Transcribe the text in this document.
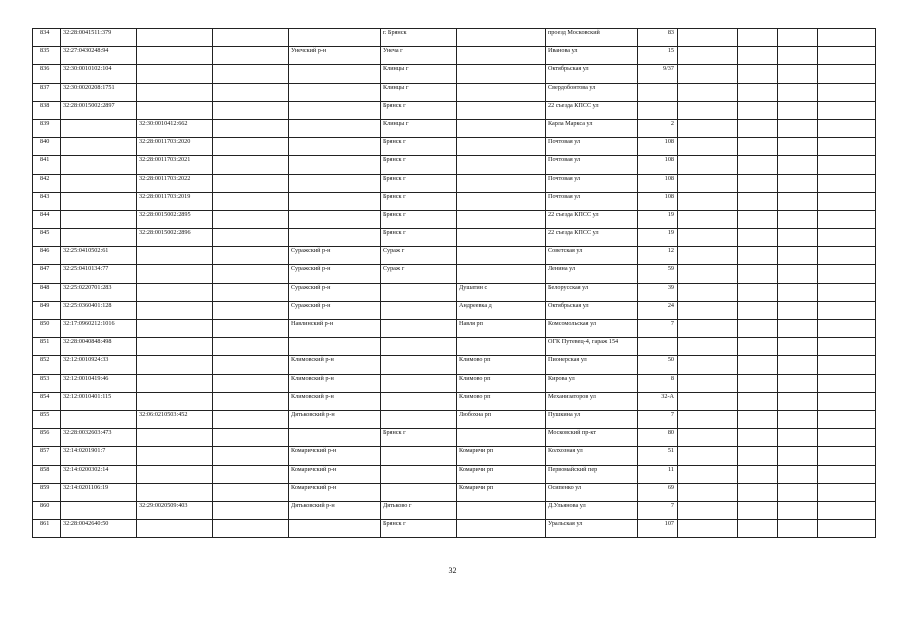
834	32:28:0041511:379				г. Брянск		проезд Московский	83				
835	32:27:0430248:94			Унечский р-н	Унеча г		Иванова ул	15				
836	32:30:0010102:104				Клинцы г		Октябрьская ул	9/37				
837	32:30:0020208:1751				Клинцы г		Свердобонтова ул					
838	32:28:0015002:2897				Брянск г		22 съезда КПСС ул					
839		32:30:0010412:662			Клинцы г		Карла Маркса ул	2				
840		32:28:0011703:2020			Брянск г		Почтовая ул	108				
841		32:28:0011703:2021			Брянск г		Почтовая ул	108				
842		32:28:0011703:2022			Брянск г		Почтовая ул	108				
843		32:28:0011703:2019			Брянск г		Почтовая ул	108				
844		32:28:0015002:2895			Брянск г		22 съезда КПСС ул	19				
845		32:28:0015002:2896			Брянск г		22 съезда КПСС ул	19				
846	32:25:0410502:61			Суражский р-н	Сураж г		Советская ул	12				
847	32:25:0410134:77			Суражский р-н	Сураж г		Ленина ул	59				
848	32:25:0220701:283			Суражский р-н		Душатин с	Белорусская ул	39				
849	32:25:0360401:128			Суражский р-н		Андреевка д	Октябрьская ул	24				
850	32:17:0960212:1016			Навлинский р-н		Навля рп	Комсомольская ул	7				
851	32:28:0040848:498						ОГК Путевец-4, гараж 154					
852	32:12:0010924:33			Климовский р-н		Климово рп	Пионерская ул	50				
853	32:12:0010419:46			Климовский р-н		Климово рп	Кирова ул	8				
854	32:12:0010401:115			Климовский р-н		Климово рп	Механизаторов ул	32-А				
855		32:06:0210503:452		Дятьковский р-н		Любохна рп	Пушкина ул	7				
856	32:28:0032603:473				Брянск г		Московский пр-кт	80				
857	32:14:0201901:7			Комаричский р-н		Комаричи рп	Колхозная ул	51				
858	32:14:0200302:14			Комаричский р-н		Комаричи рп	Первомайский пер	11				
859	32:14:0201106:19			Комаричский р-н		Комаричи рп	Осипенко ул	69				
860		32:29:0020509:403		Дятьковский р-н	Дятьково г		Д.Ульянова ул	7				
861	32:28:0042640:50				Брянск г		Уральская ул	107				
32
